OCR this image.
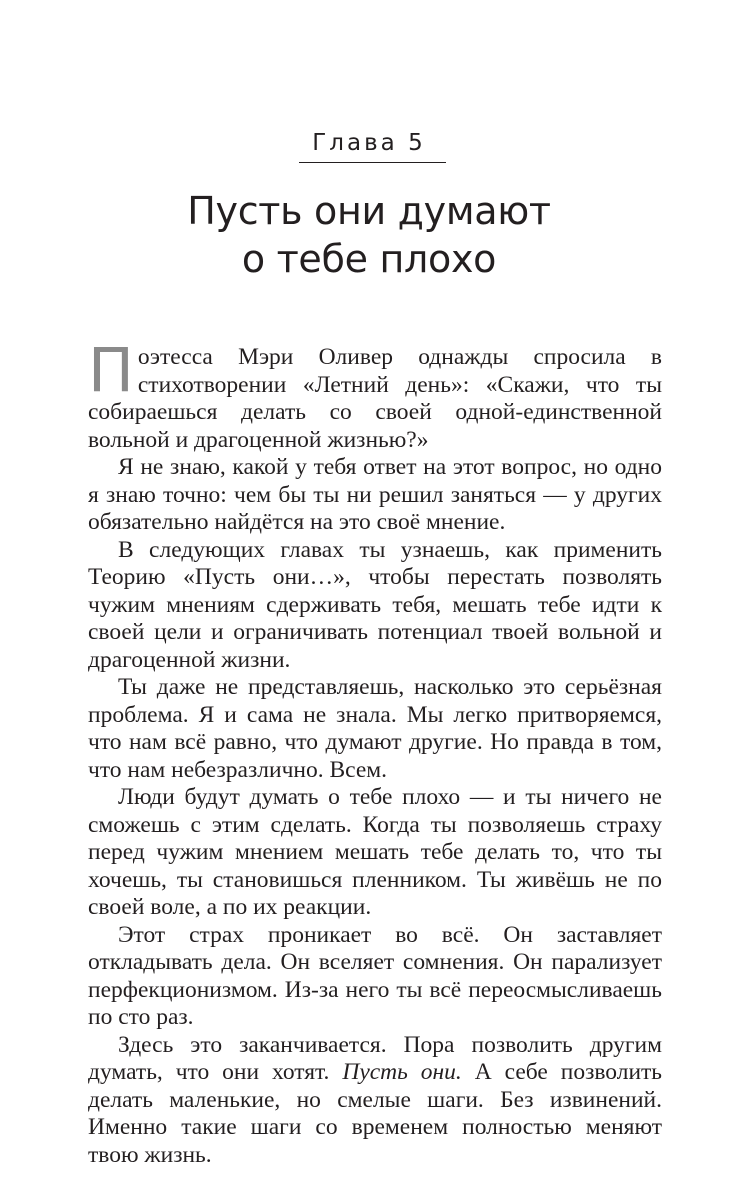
Глава 5
Пусть они думают
о тебе плохо

Поэтесса Мэри Оливер однажды спросила в стихотворении «Летний день»: «Скажи, что ты собираешься делать со своей одной-единственной вольной и драгоценной жизнью?»

Я не знаю, какой у тебя ответ на этот вопрос, но одно я знаю точно: чем бы ты ни решил заняться — у других обязательно найдётся на это своё мнение.

В следующих главах ты узнаешь, как применить Теорию «Пусть они…», чтобы перестать позволять чужим мнениям сдерживать тебя, мешать тебе идти к своей цели и ограничивать потенциал твоей вольной и драгоценной жизни.

Ты даже не представляешь, насколько это серьёзная проблема. Я и сама не знала. Мы легко притворяемся, что нам всё равно, что думают другие. Но правда в том, что нам небезразлично. Всем.

Люди будут думать о тебе плохо — и ты ничего не сможешь с этим сделать. Когда ты позволяешь страху перед чужим мнением мешать тебе делать то, что ты хочешь, ты становишься пленником. Ты живёшь не по своей воле, а по их реакции.

Этот страх проникает во всё. Он заставляет откладывать дела. Он вселяет сомнения. Он парализует перфекционизмом. Из-за него ты всё переосмысливаешь по сто раз.

Здесь это заканчивается. Пора позволить другим думать, что они хотят. Пусть они. А себе позволить делать маленькие, но смелые шаги. Без извинений. Именно такие шаги со временем полностью меняют твою жизнь.
